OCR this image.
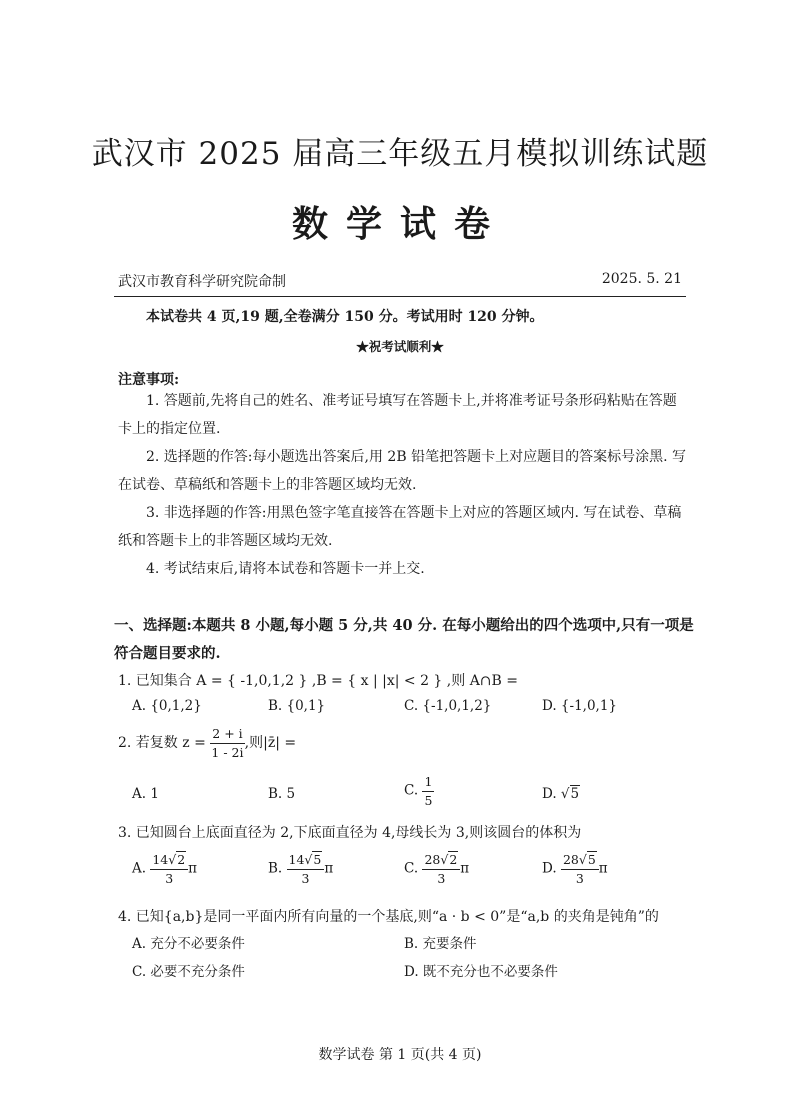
武汉市 2025 届高三年级五月模拟训练试题
数学试卷
武汉市教育科学研究院命制	2025. 5. 21
本试卷共 4 页,19 题,全卷满分 150 分。考试用时 120 分钟。
★祝考试顺利★
注意事项:
1. 答题前,先将自己的姓名、准考证号填写在答题卡上,并将准考证号条形码粘贴在答题卡上的指定位置.
2. 选择题的作答:每小题选出答案后,用 2B 铅笔把答题卡上对应题目的答案标号涂黑. 写在试卷、草稿纸和答题卡上的非答题区域均无效.
3. 非选择题的作答:用黑色签字笔直接答在答题卡上对应的答题区域内. 写在试卷、草稿纸和答题卡上的非答题区域均无效.
4. 考试结束后,请将本试卷和答题卡一并上交.
一、选择题:本题共 8 小题,每小题 5 分,共 40 分. 在每小题给出的四个选项中,只有一项是符合题目要求的.
1. 已知集合 A = { -1,0,1,2 } ,B = { x | |x| < 2 } ,则 A∩B =
A. {0,1,2}	B. {0,1}	C. {-1,0,1,2}	D. {-1,0,1}
2. 若复数 $z = \frac{2 + i}{1 - 2i}$ ,则|z̄| =
A. 1	B. 5	C. $\frac{1}{5}$	D. √5
3. 已知圆台上底面直径为 2,下底面直径为 4,母线长为 3,则该圆台的体积为
A. $\frac{14√2}{3}$ π	B. $\frac{14√5}{3}$ π	C. $\frac{28√2}{3}$ π	D. $\frac{28√5}{3}$ π
4. 已知{a,b}是同一平面内所有向量的一个基底,则“a · b < 0”是“a,b 的夹角是钝角”的
A. 充分不必要条件	B. 充要条件
C. 必要不充分条件	D. 既不充分也不必要条件
数学试卷 第 1 页(共 4 页)
